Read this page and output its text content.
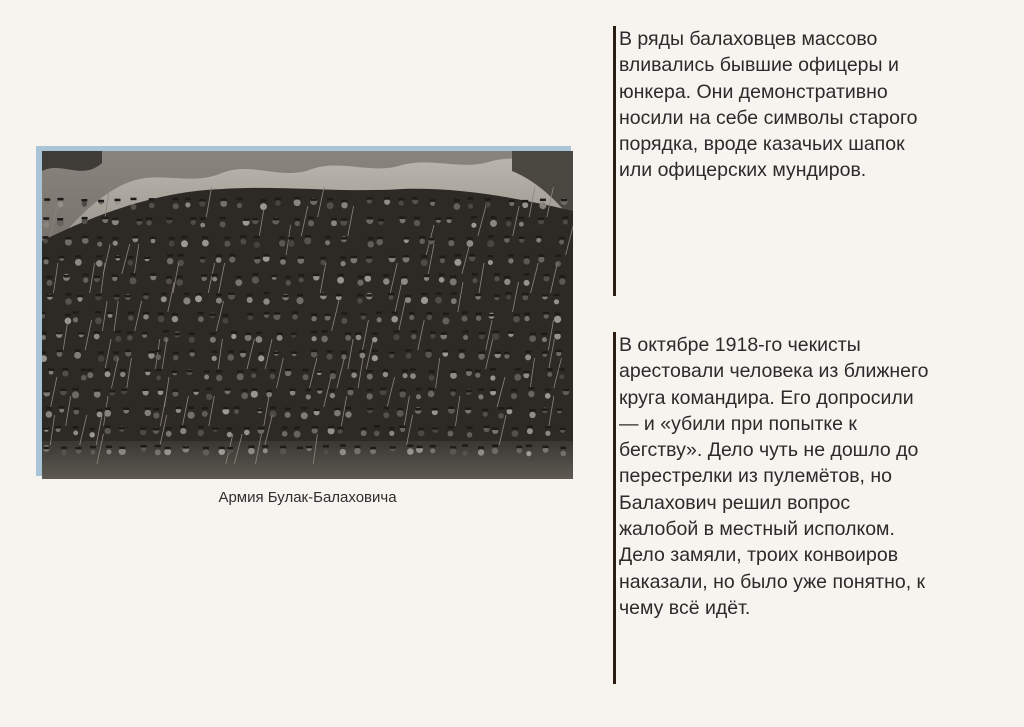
Армия Булак-Балаховича
В ряды балаховцев массово
вливались бывшие офицеры и
юнкера. Они демонстративно
носили на себе символы старого
порядка, вроде казачьих шапок
или офицерских мундиров.
В октябре 1918-го чекисты
арестовали человека из ближнего
круга командира. Его допросили
— и «убили при попытке к
бегству». Дело чуть не дошло до
перестрелки из пулемётов, но
Балахович решил вопрос
жалобой в местный исполком.
Дело замяли, троих конвоиров
наказали, но было уже понятно, к
чему всё идёт.
